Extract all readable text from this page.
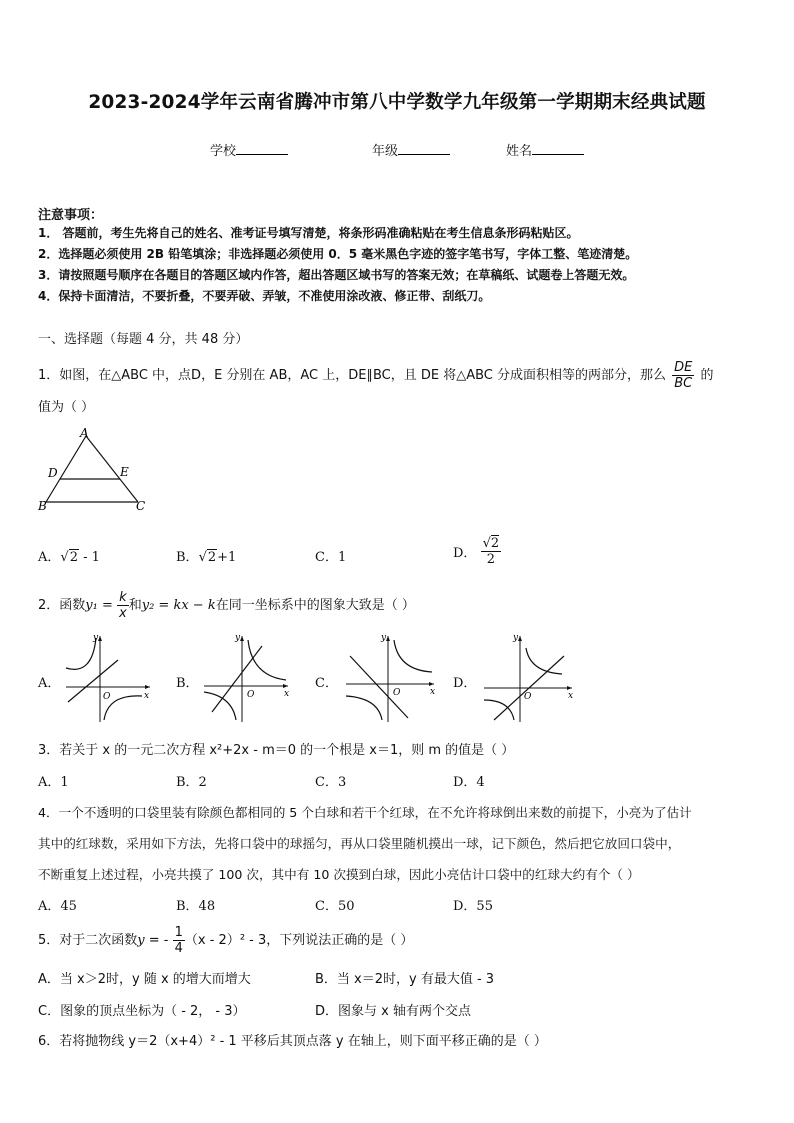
2023-2024学年云南省腾冲市第八中学数学九年级第一学期期末经典试题
学校	年级	姓名
注意事项：
1． 答题前，考生先将自己的姓名、准考证号填写清楚，将条形码准确粘贴在考生信息条形码粘贴区。
2．选择题必须使用 2B 铅笔填涂；非选择题必须使用 0．5 毫米黑色字迹的签字笔书写，字体工整、笔迹清楚。
3．请按照题号顺序在各题目的答题区域内作答，超出答题区域书写的答案无效；在草稿纸、试题卷上答题无效。
4．保持卡面清洁，不要折叠，不要弄破、弄皱，不准使用涂改液、修正带、刮纸刀。
一、选择题（每题 4 分，共 48 分）
1．如图，在△ABC 中，点D，E 分别在 AB，AC 上，DE∥BC，且 DE 将△ABC 分成面积相等的两部分，那么 $\frac{DE}{BC}$ 的
值为（ ）
A
D	E
B	C
A．√2 - 1	B．√2+1	C．1	D． $\frac{√2}{2}$
2．函数$y_1 = \frac{k}{x}$ 和y₂ = kx − k在同一坐标系中的图象大致是（ ）
A．	B．	C．	D．
x
y
O	x
y
O	x
y
O	x
y
O
3．若关于 x 的一元二次方程 x²+2x - m＝0 的一个根是 x＝1，则 m 的值是（ ）
A．1	B．2	C．3	D．4
4．一个不透明的口袋里装有除颜色都相同的 5 个白球和若干个红球，在不允许将球倒出来数的前提下，小亮为了估计
其中的红球数，采用如下方法，先将口袋中的球摇匀，再从口袋里随机摸出一球，记下颜色，然后把它放回口袋中，
不断重复上述过程，小亮共摸了 100 次，其中有 10 次摸到白球，因此小亮估计口袋中的红球大约有个（ ）
A．45	B．48	C．50	D．55
5．对于二次函数y = - $\frac{1}{4} (x - 2)^2 - 3$，下列说法正确的是（ ）
A．当 x＞2时，y 随 x 的增大而增大	B．当 x＝2时，y 有最大值 - 3
C．图象的顶点坐标为（ - 2， - 3）	D．图象与 x 轴有两个交点
6．若将抛物线 y＝2（x+4）² - 1 平移后其顶点落 y 在轴上，则下面平移正确的是（ ）
